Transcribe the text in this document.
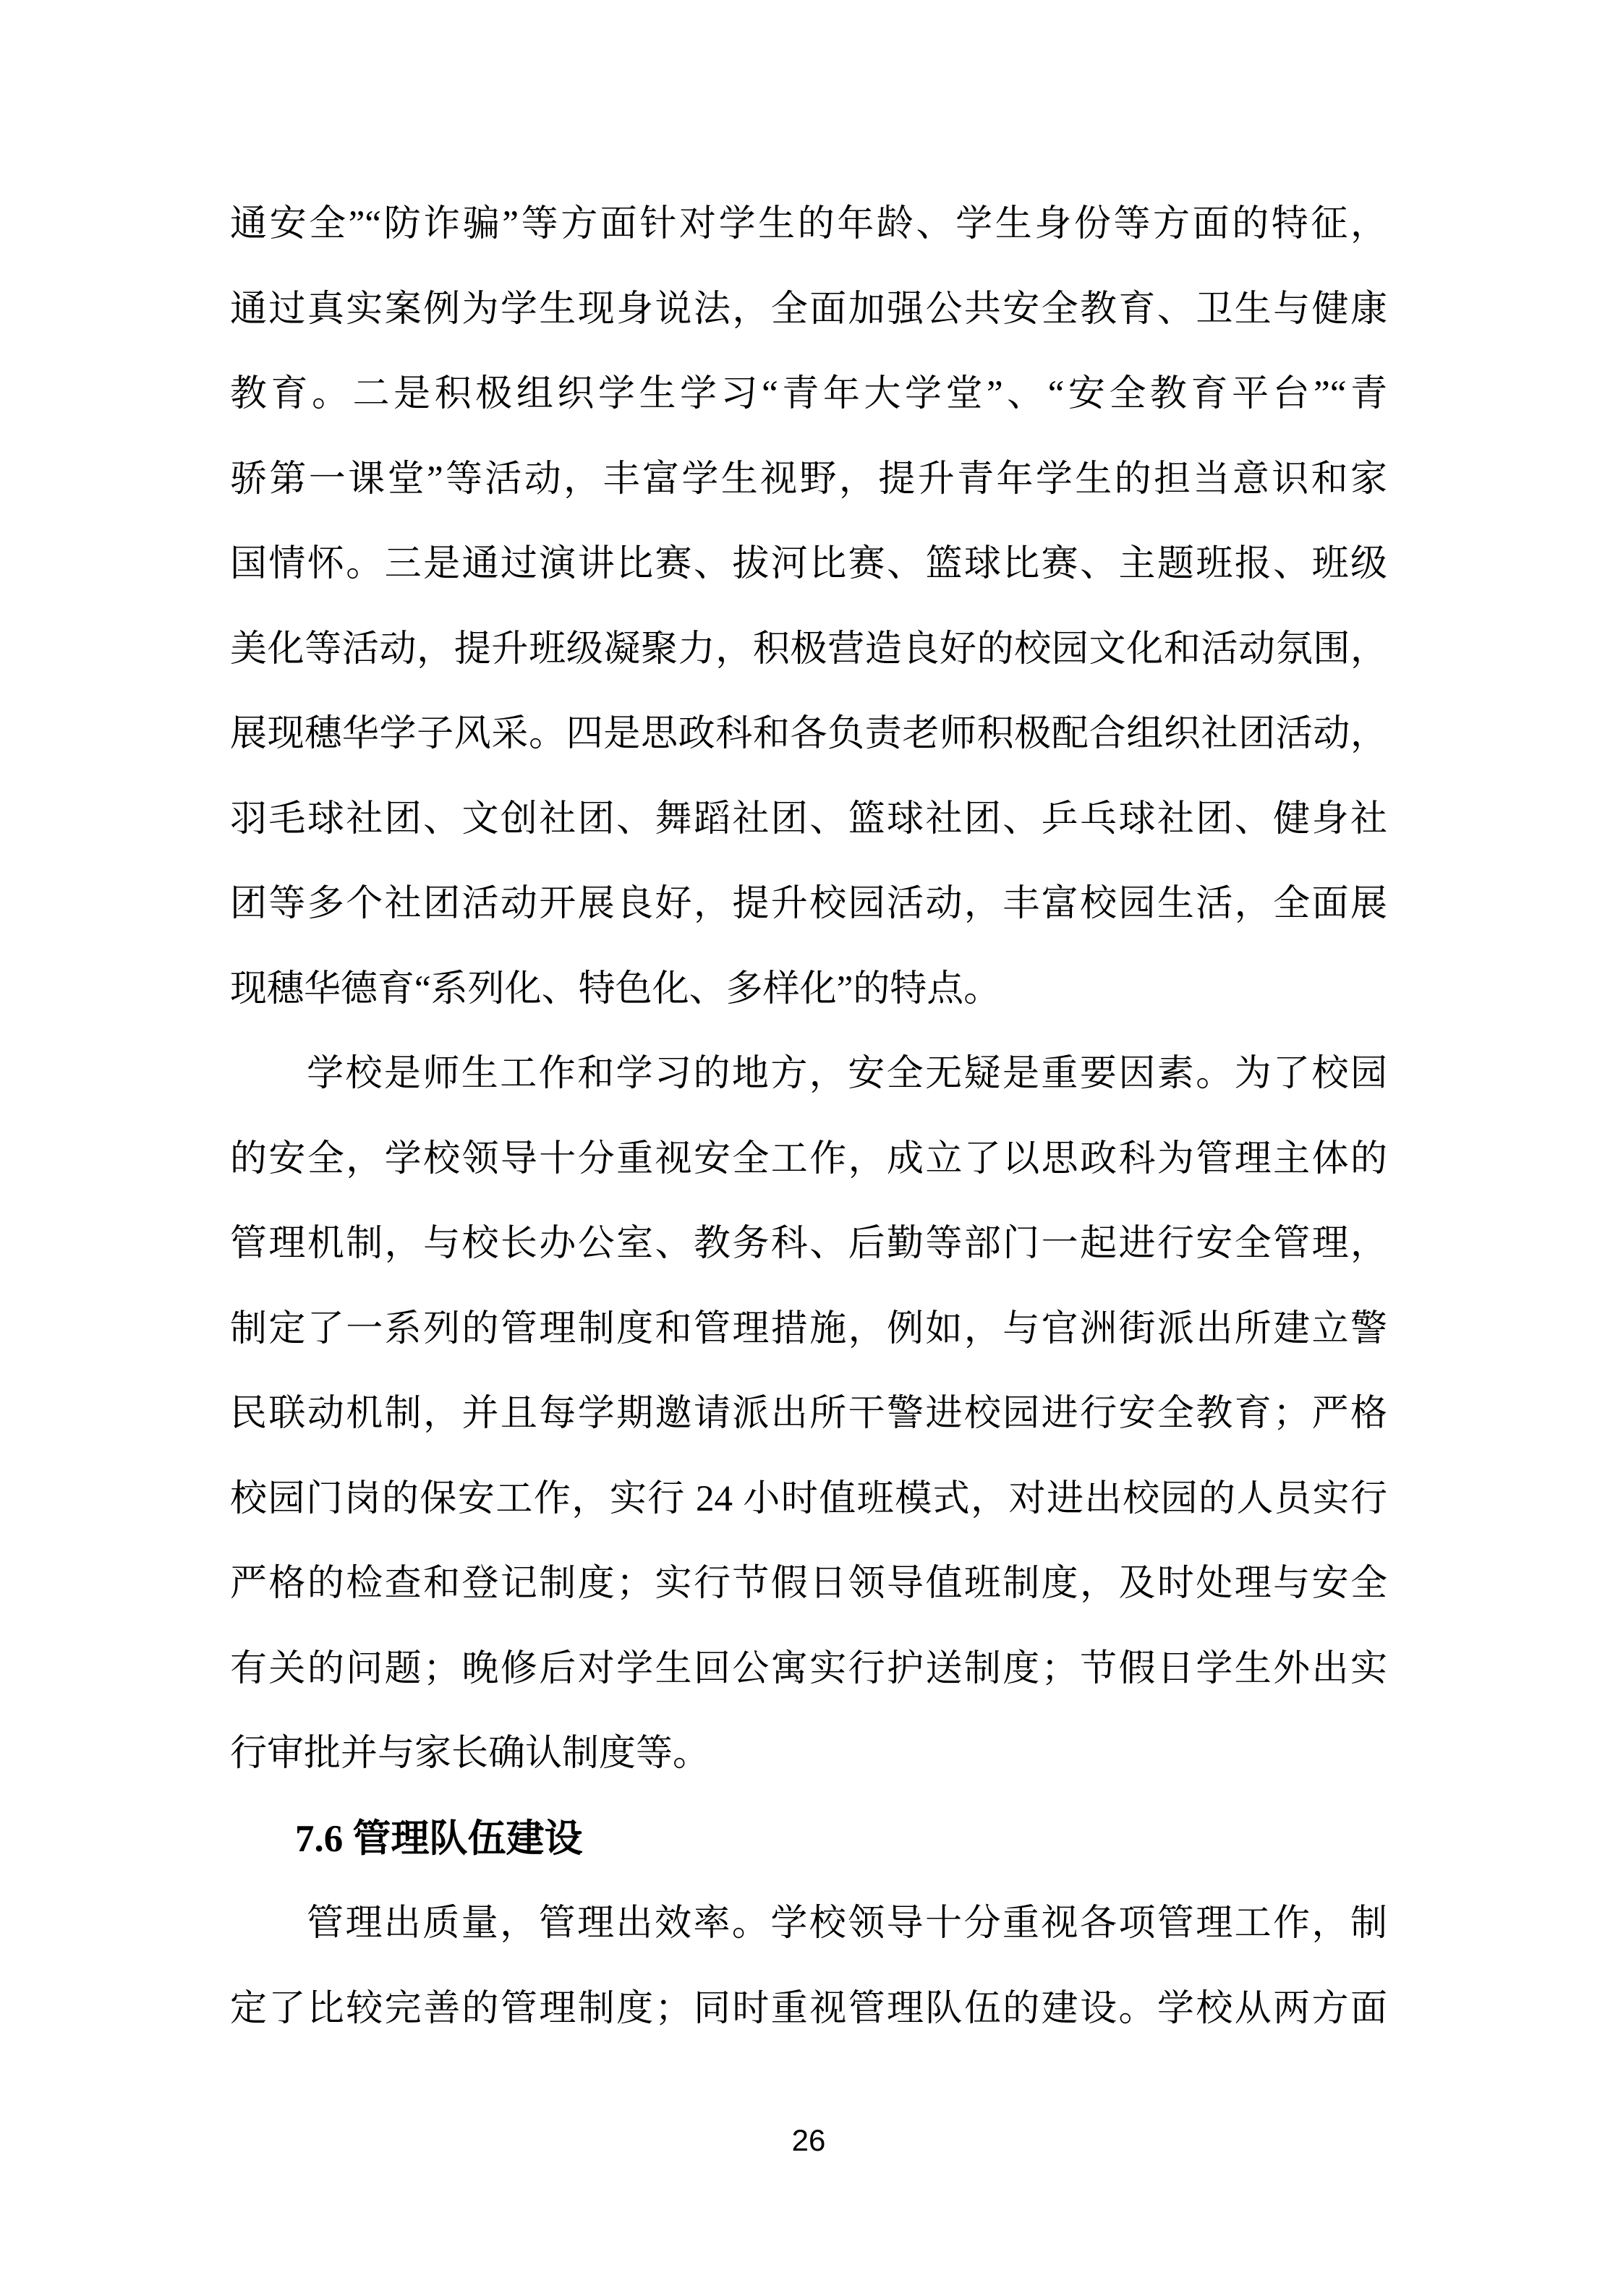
通安全”“防诈骗”等方面针对学生的年龄、学生身份等方面的特征，
通过真实案例为学生现身说法，全面加强公共安全教育、卫生与健康
教育。二是积极组织学生学习“青年大学堂”、“安全教育平台”“青
骄第一课堂”等活动，丰富学生视野，提升青年学生的担当意识和家
国情怀。三是通过演讲比赛、拔河比赛、篮球比赛、主题班报、班级
美化等活动，提升班级凝聚力，积极营造良好的校园文化和活动氛围，
展现穗华学子风采。四是思政科和各负责老师积极配合组织社团活动，
羽毛球社团、文创社团、舞蹈社团、篮球社团、乒乓球社团、健身社
团等多个社团活动开展良好，提升校园活动，丰富校园生活，全面展
现穗华德育“系列化、特色化、多样化”的特点。
学校是师生工作和学习的地方，安全无疑是重要因素。为了校园
的安全，学校领导十分重视安全工作，成立了以思政科为管理主体的
管理机制，与校长办公室、教务科、后勤等部门一起进行安全管理，
制定了一系列的管理制度和管理措施，例如，与官洲街派出所建立警
民联动机制，并且每学期邀请派出所干警进校园进行安全教育；严格
校园门岗的保安工作，实行 24 小时值班模式，对进出校园的人员实行
严格的检查和登记制度；实行节假日领导值班制度，及时处理与安全
有关的问题；晚修后对学生回公寓实行护送制度；节假日学生外出实
行审批并与家长确认制度等。
7.6 管理队伍建设
管理出质量，管理出效率。学校领导十分重视各项管理工作，制
定了比较完善的管理制度；同时重视管理队伍的建设。学校从两方面
26
